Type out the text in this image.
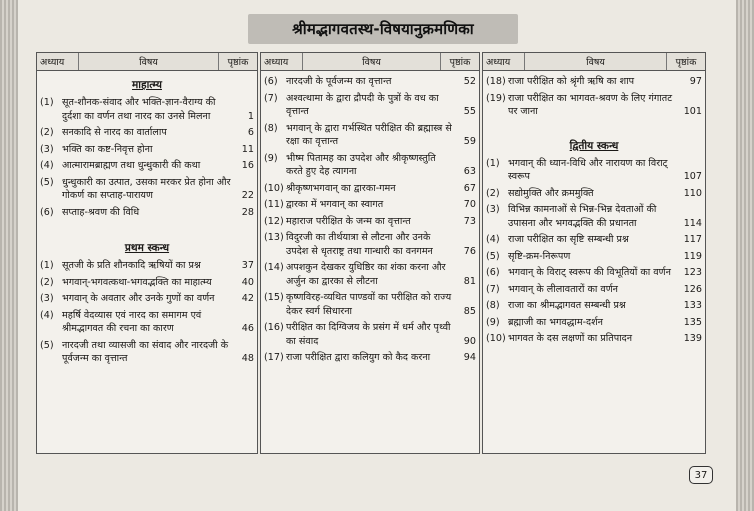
श्रीमद्भागवतस्थ-विषयानुक्रमणिका
अध्याय	विषय	पृष्ठांक
माहात्म्य
(1) सूत-शौनक-संवाद और भक्ति-ज्ञान-वैराग्य की दुर्दशा का वर्णन तथा नारद का उनसे मिलना	1
(2) सनकादि से नारद का वार्तालाप	6
(3) भक्ति का कष्ट-निवृत्त होना	11
(4) आत्मारामब्राह्मण तथा धुन्धुकारी की कथा	16
(5) धुन्धुकारी का उत्पात, उसका मरकर प्रेत होना और गोकर्ण का सप्ताह-पारायण	22
(6) सप्ताह-श्रवण की विधि	28
प्रथम स्कन्ध
(1) सूतजी के प्रति शौनकादि ऋषियों का प्रश्न	37
(2) भगवान्-भगवत्कथा-भगवद्भक्ति का माहात्म्य	40
(3) भगवान् के अवतार और उनके गुणों का वर्णन	42
(4) महर्षि वेदव्यास एवं नारद का समागम एवं श्रीमद्भागवत की रचना का कारण	46
(5) नारदजी तथा व्यासजी का संवाद और नारदजी के पूर्वजन्म का वृत्तान्त	48
अध्याय	विषय	पृष्ठांक
(6) नारदजी के पूर्वजन्म का वृत्तान्त	52
(7) अश्वत्थामा के द्वारा द्रौपदी के पुत्रों के वध का वृत्तान्त	55
(8) भगवान् के द्वारा गर्भस्थित परीक्षित की ब्रह्मास्त्र से रक्षा का वृत्तान्त	59
(9) भीष्म पितामह का उपदेश और श्रीकृष्णस्तुति करते हुए देह त्यागना	63
(10) श्रीकृष्णभगवान् का द्वारका-गमन	67
(11) द्वारका में भगवान् का स्वागत	70
(12) महाराज परीक्षित के जन्म का वृत्तान्त	73
(13) विदुरजी का तीर्थयात्रा से लौटना और उनके उपदेश से धृतराष्ट्र तथा गान्धारी का वनगमन	76
(14) अपशकुन देखकर युधिष्ठिर का शंका करना और अर्जुन का द्वारका से लौटना	81
(15) कृष्णविरह-व्यथित पाण्डवों का परीक्षित को राज्य देकर स्वर्ग सिधारना	85
(16) परीक्षित का दिग्विजय के प्रसंग में धर्म और पृथ्वी का संवाद	90
(17) राजा परीक्षित द्वारा कलियुग को कैद करना	94
अध्याय	विषय	पृष्ठांक
(18) राजा परीक्षित को श्रृंगी ऋषि का शाप	97
(19) राजा परीक्षित का भागवत-श्रवण के लिए गंगातट पर जाना	101
द्वितीय स्कन्ध
(1) भगवान् की ध्यान-विधि और नारायण का विराट् स्वरूप	107
(2) सद्योमुक्ति और क्रममुक्ति	110
(3) विभिन्न कामनाओं से भिन्न-भिन्न देवताओं की उपासना और भगवद्भक्ति की प्रधानता	114
(4) राजा परीक्षित का सृष्टि सम्बन्धी प्रश्न	117
(5) सृष्टि-क्रम-निरूपण	119
(6) भगवान् के विराट् स्वरूप की विभूतियों का वर्णन	123
(7) भगवान् के लीलावतारों का वर्णन	126
(8) राजा का श्रीमद्भागवत सम्बन्धी प्रश्न	133
(9) ब्रह्माजी का भगवद्धाम-दर्शन	135
(10) भागवत के दस लक्षणों का प्रतिपादन	139
37
